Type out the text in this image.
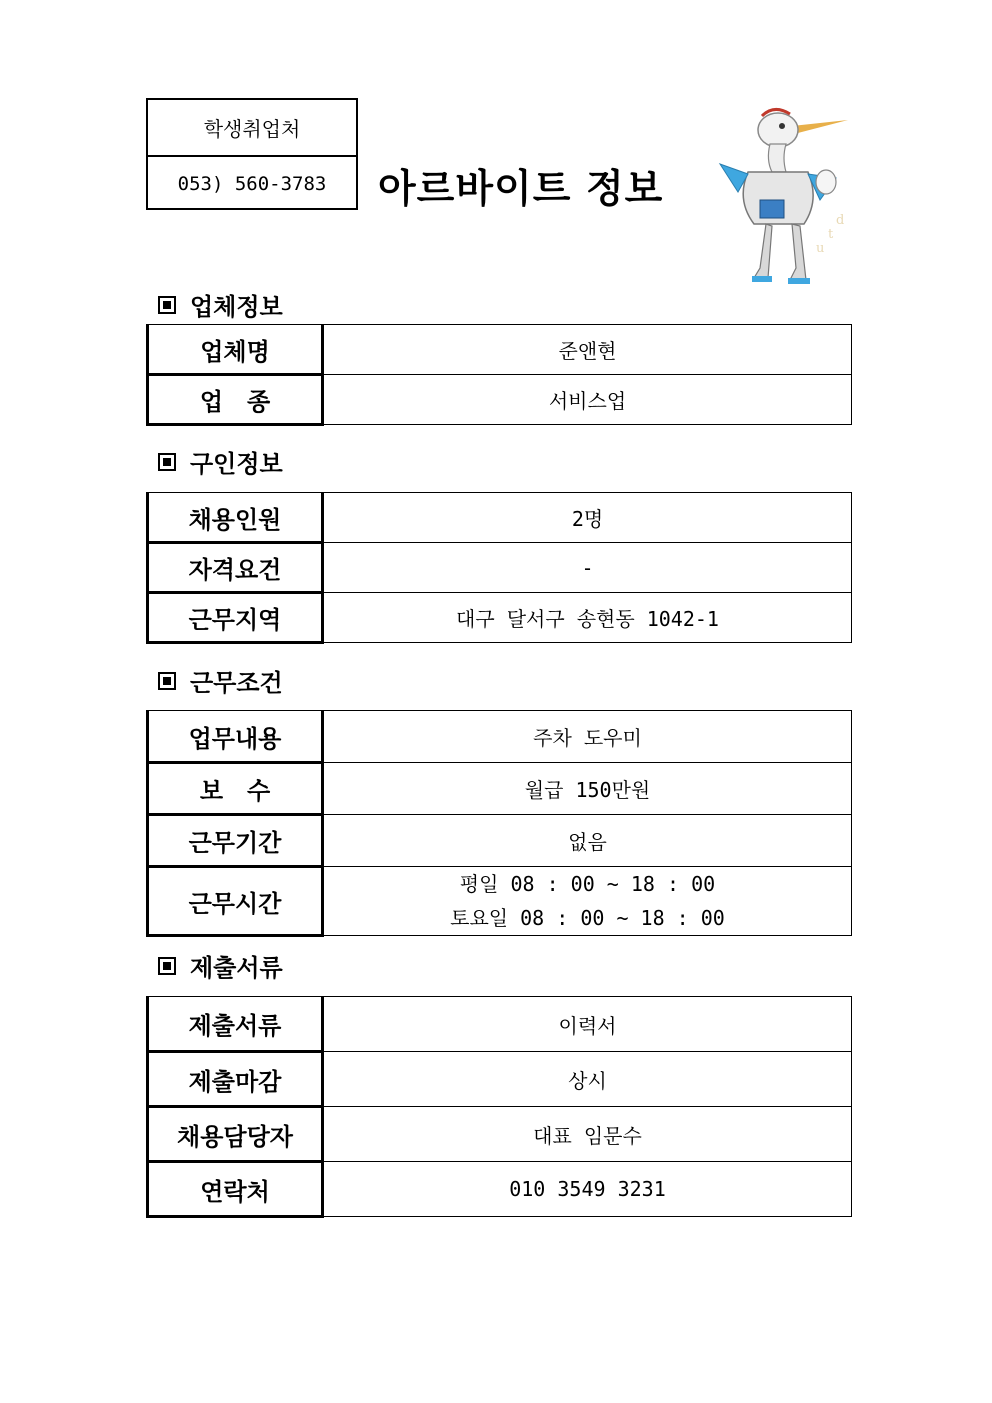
학생취업처
053) 560-3783	아르바이트 정보
d
t
u
업체정보
업체명	준앤현
업　종	서비스업
구인정보
채용인원	2명
자격요건	-
근무지역	대구 달서구 송현동 1042-1
근무조건
업무내용	주차 도우미
보　수	월급 150만원
근무기간	없음
근무시간	평일 08 : 00 ~ 18 : 00
토요일 08 : 00 ~ 18 : 00
제출서류
제출서류	이력서
제출마감	상시
채용담당자	대표 임문수
연락처	010 3549 3231
